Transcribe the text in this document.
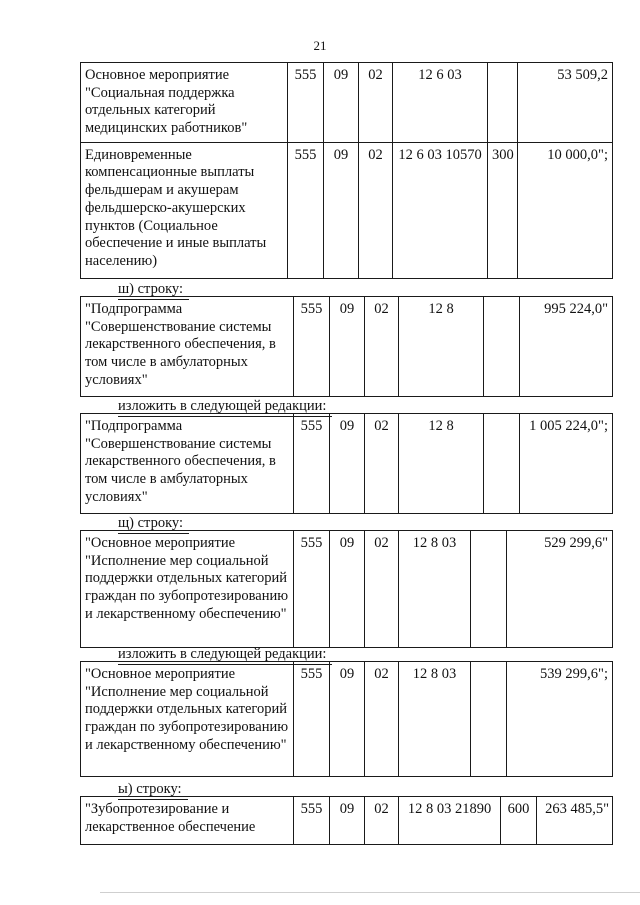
21
Основное мероприятие "Социальная поддержка отдельных категорий медицинских работников"	555	09	02	12 6 03		53 509,2
Единовременные компенсационные выплаты фельдшерам и акушерам фельдшерско-акушерских пунктов (Социальное обеспечение и иные выплаты населению)	555	09	02	12 6 03 10570	300	10 000,0";
ш) строку:
"Подпрограмма "Совершенствование системы лекарственного обеспечения, в том числе в амбулаторных условиях"	555	09	02	12 8		995 224,0"
изложить в следующей редакции:
"Подпрограмма "Совершенствование системы лекарственного обеспечения, в том числе в амбулаторных условиях"	555	09	02	12 8		1 005 224,0";
щ) строку:
"Основное мероприятие "Исполнение мер социальной поддержки отдельных категорий граждан по зубопротезированию и лекарственному обеспечению"	555	09	02	12 8 03		529 299,6"
изложить в следующей редакции:
"Основное мероприятие "Исполнение мер социальной поддержки отдельных категорий граждан по зубопротезированию и лекарственному обеспечению"	555	09	02	12 8 03		539 299,6";
ы) строку:
"Зубопротезирование и лекарственное обеспечение	555	09	02	12 8 03 21890	600	263 485,5"
